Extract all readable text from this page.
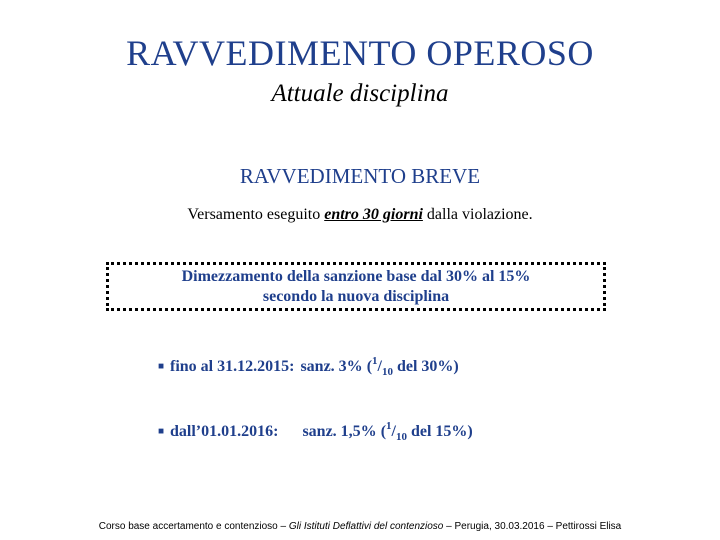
RAVVEDIMENTO OPEROSO
Attuale disciplina
RAVVEDIMENTO BREVE
Versamento eseguito entro 30 giorni dalla violazione.
Dimezzamento della sanzione base dal 30% al 15%
secondo la nuova disciplina
■ fino al 31.12.2015: sanz. 3% ($^1/_{10}$ del 30%)
■ dall’01.01.2016: sanz. 1,5% ($^1/_{10}$ del 15%)
Corso base accertamento e contenzioso – Gli Istituti Deflattivi del contenzioso – Perugia, 30.03.2016 – Pettirossi Elisa
